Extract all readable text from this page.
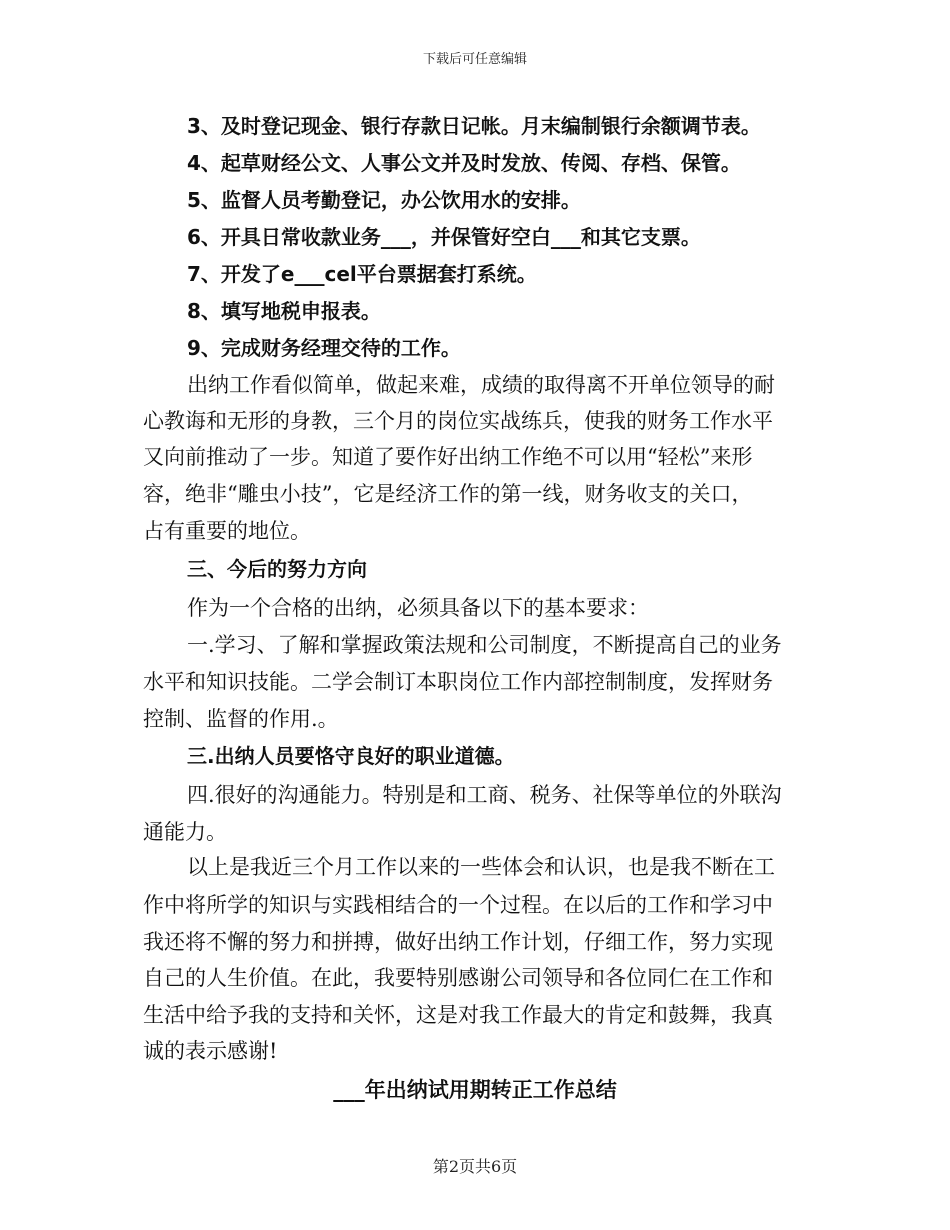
下载后可任意编辑
3、及时登记现金、银行存款日记帐。月末编制银行余额调节表。
4、起草财经公文、人事公文并及时发放、传阅、存档、保管。
5、监督人员考勤登记，办公饮用水的安排。
6、开具日常收款业务___，并保管好空白___和其它支票。
7、开发了e___cel平台票据套打系统。
8、填写地税申报表。
9、完成财务经理交待的工作。
出纳工作看似简单，做起来难，成绩的取得离不开单位领导的耐
心教诲和无形的身教，三个月的岗位实战练兵，使我的财务工作水平
又向前推动了一步。知道了要作好出纳工作绝不可以用“轻松”来形
容，绝非“雕虫小技”，它是经济工作的第一线，财务收支的关口，
占有重要的地位。
三、今后的努力方向
作为一个合格的出纳，必须具备以下的基本要求：
一.学习、了解和掌握政策法规和公司制度，不断提高自己的业务
水平和知识技能。二学会制订本职岗位工作内部控制制度，发挥财务
控制、监督的作用.。
三.出纳人员要恪守良好的职业道德。
四.很好的沟通能力。特别是和工商、税务、社保等单位的外联沟
通能力。
以上是我近三个月工作以来的一些体会和认识，也是我不断在工
作中将所学的知识与实践相结合的一个过程。在以后的工作和学习中
我还将不懈的努力和拼搏，做好出纳工作计划，仔细工作，努力实现
自己的人生价值。在此，我要特别感谢公司领导和各位同仁在工作和
生活中给予我的支持和关怀，这是对我工作最大的肯定和鼓舞，我真
诚的表示感谢!
___年出纳试用期转正工作总结
第2页共6页
